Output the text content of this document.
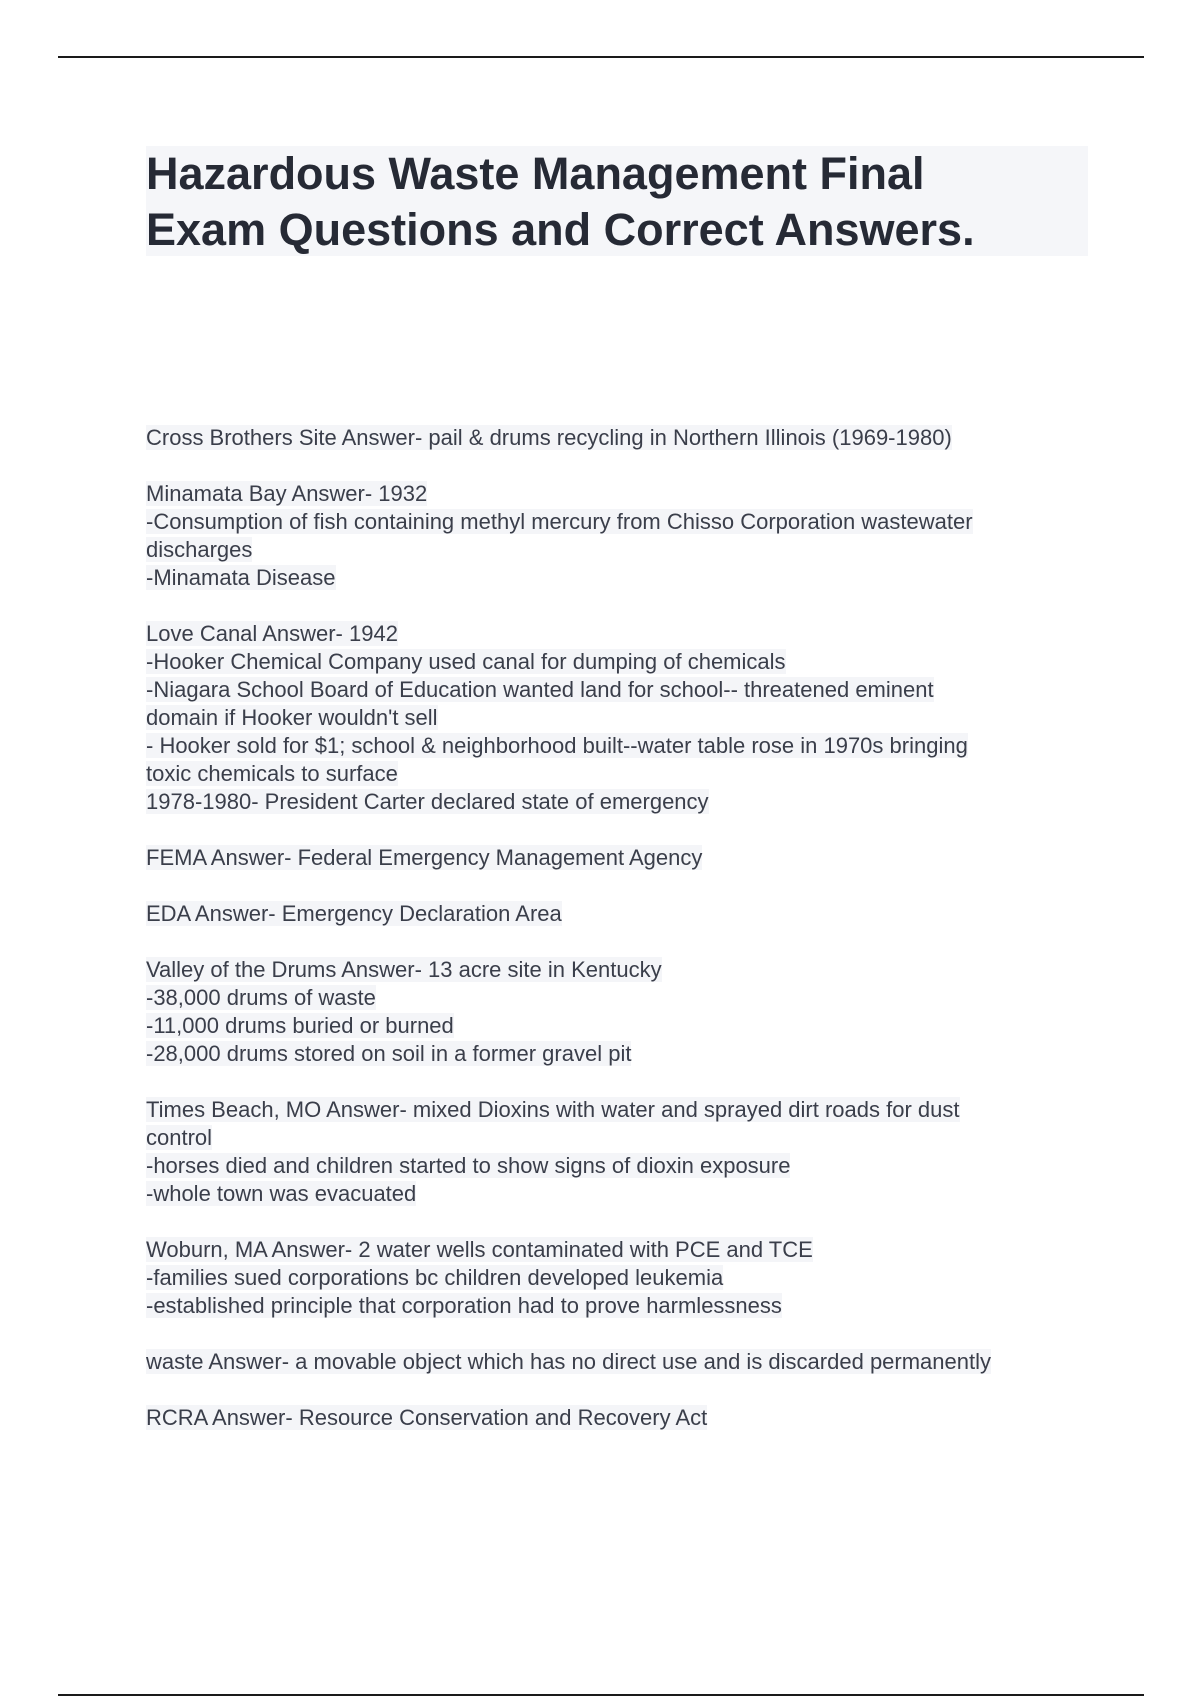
Hazardous Waste Management Final
Exam Questions and Correct Answers.
Cross Brothers Site Answer- pail & drums recycling in Northern Illinois (1969-1980)
Minamata Bay Answer- 1932
-Consumption of fish containing methyl mercury from Chisso Corporation wastewater
discharges
-Minamata Disease
Love Canal Answer- 1942
-Hooker Chemical Company used canal for dumping of chemicals
-Niagara School Board of Education wanted land for school-- threatened eminent
domain if Hooker wouldn't sell
- Hooker sold for $1; school & neighborhood built--water table rose in 1970s bringing
toxic chemicals to surface
1978-1980- President Carter declared state of emergency
FEMA Answer- Federal Emergency Management Agency
EDA Answer- Emergency Declaration Area
Valley of the Drums Answer- 13 acre site in Kentucky
-38,000 drums of waste
-11,000 drums buried or burned
-28,000 drums stored on soil in a former gravel pit
Times Beach, MO Answer- mixed Dioxins with water and sprayed dirt roads for dust
control
-horses died and children started to show signs of dioxin exposure
-whole town was evacuated
Woburn, MA Answer- 2 water wells contaminated with PCE and TCE
-families sued corporations bc children developed leukemia
-established principle that corporation had to prove harmlessness
waste Answer- a movable object which has no direct use and is discarded permanently
RCRA Answer- Resource Conservation and Recovery Act
